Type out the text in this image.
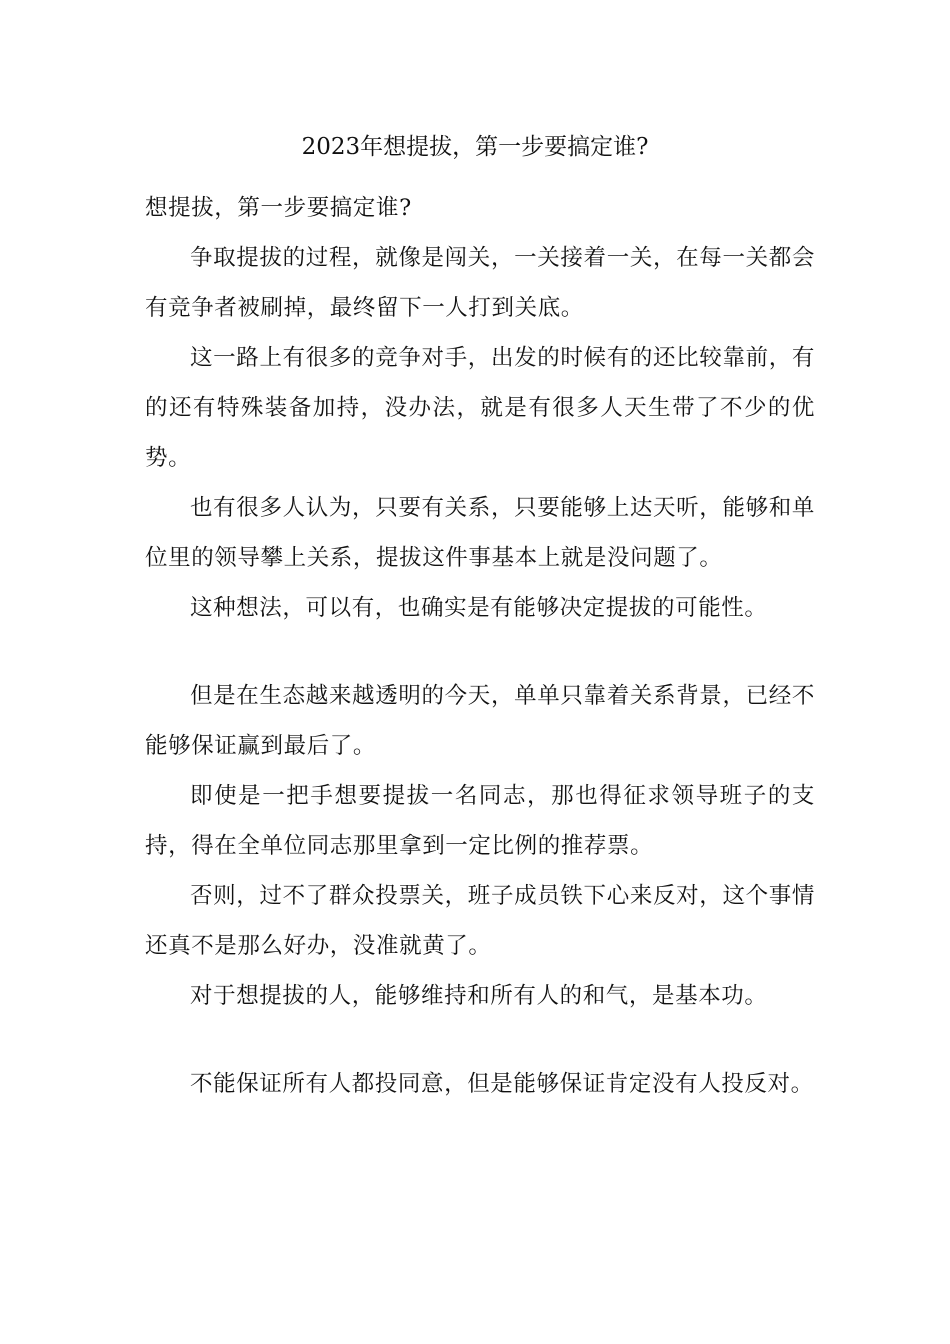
2023年想提拔，第一步要搞定谁?

想提拔，第一步要搞定谁?

争取提拔的过程，就像是闯关，一关接着一关，在每一关都会有竞争者被刷掉，最终留下一人打到关底。

这一路上有很多的竞争对手，出发的时候有的还比较靠前，有的还有特殊装备加持，没办法，就是有很多人天生带了不少的优势。

也有很多人认为，只要有关系，只要能够上达天听，能够和单位里的领导攀上关系，提拔这件事基本上就是没问题了。

这种想法，可以有，也确实是有能够决定提拔的可能性。

但是在生态越来越透明的今天，单单只靠着关系背景，已经不能够保证赢到最后了。

即使是一把手想要提拔一名同志，那也得征求领导班子的支持，得在全单位同志那里拿到一定比例的推荐票。

否则，过不了群众投票关，班子成员铁下心来反对，这个事情还真不是那么好办，没准就黄了。

对于想提拔的人，能够维持和所有人的和气，是基本功。

不能保证所有人都投同意，但是能够保证肯定没有人投反对。
